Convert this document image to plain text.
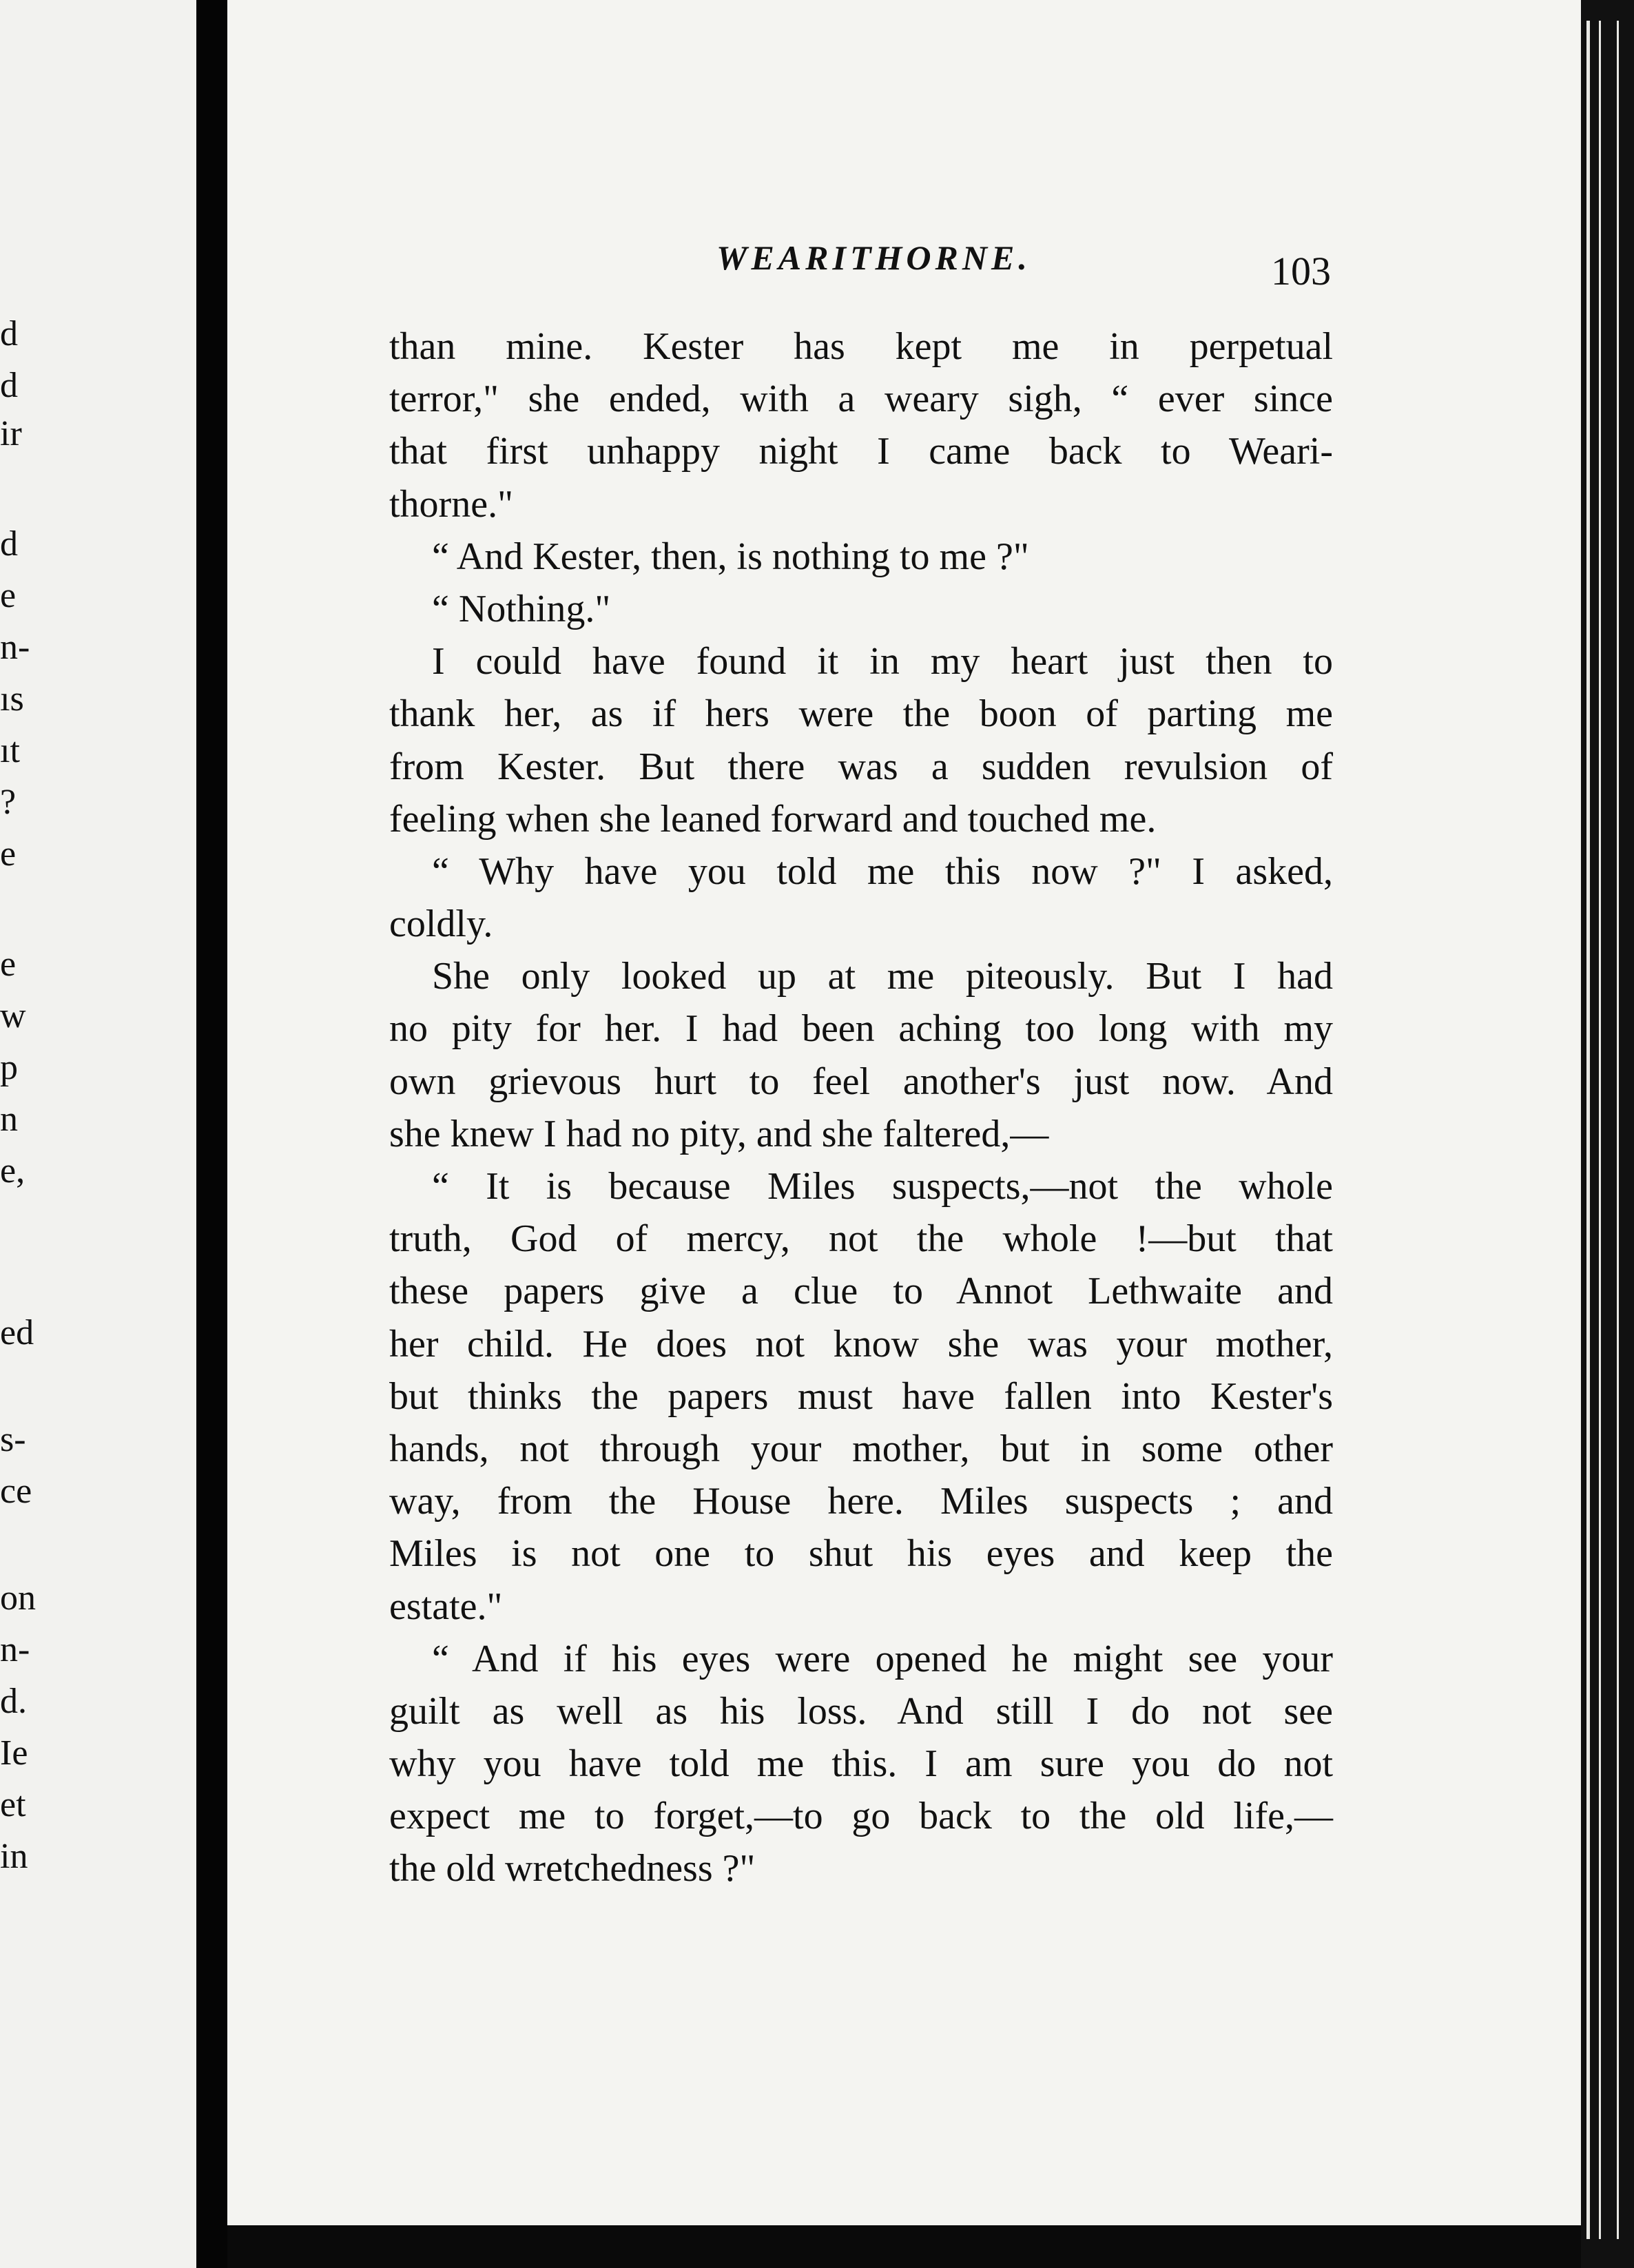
d
d
ir
d
e
n-
ıs
ıt
?
e
e
w
p
n
e,
ed
s-
ce
on
n-
d.
Ie
et
in
WEARITHORNE.	103
than mine. Kester has kept me in perpetual
terror," she ended, with a weary sigh, “ ever since
that first unhappy night I came back to Weari-
thorne."
“ And Kester, then, is nothing to me ?"
“ Nothing."
I could have found it in my heart just then to
thank her, as if hers were the boon of parting me
from Kester. But there was a sudden revulsion of
feeling when she leaned forward and touched me.
“ Why have you told me this now ?" I asked,
coldly.
She only looked up at me piteously. But I had
no pity for her. I had been aching too long with my
own grievous hurt to feel another's just now. And
she knew I had no pity, and she faltered,—
“ It is because Miles suspects,—not the whole
truth, God of mercy, not the whole !—but that
these papers give a clue to Annot Lethwaite and
her child. He does not know she was your mother,
but thinks the papers must have fallen into Kester's
hands, not through your mother, but in some other
way, from the House here. Miles suspects ; and
Miles is not one to shut his eyes and keep the
estate."
“ And if his eyes were opened he might see your
guilt as well as his loss. And still I do not see
why you have told me this. I am sure you do not
expect me to forget,—to go back to the old life,—
the old wretchedness ?"
